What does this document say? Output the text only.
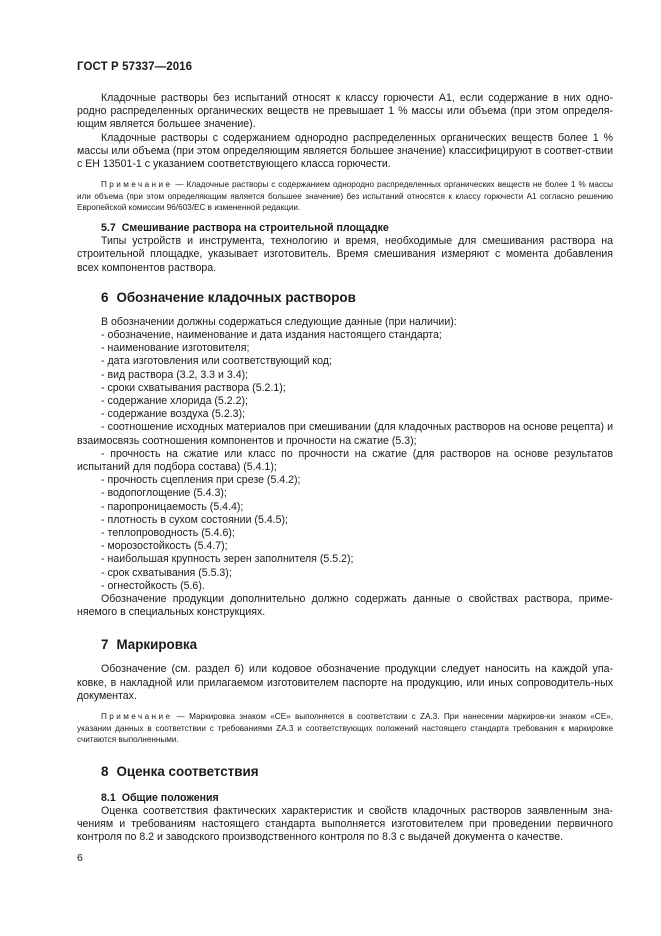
ГОСТ Р 57337—2016

Кладочные растворы без испытаний относят к классу горючести А1, если содержание в них одно-родно распределенных органических веществ не превышает 1 % массы или объема (при этом определя-ющим является большее значение).

Кладочные растворы с содержанием однородно распределенных органических веществ более 1 % массы или объема (при этом определяющим является большее значение) классифицируют в соответ-ствии с ЕН 13501-1 с указанием соответствующего класса горючести.

Примечание — Кладочные растворы с содержанием однородно распределенных органических веществ не более 1 % массы или объема (при этом определяющим является большее значение) без испытаний относятся к классу горючести А1 согласно решению Европейской комиссии 96/603/ЕС в измененной редакции.

5.7 Смешивание раствора на строительной площадке

Типы устройств и инструмента, технологию и время, необходимые для смешивания раствора на строительной площадке, указывает изготовитель. Время смешивания измеряют с момента добавления всех компонентов раствора.

6 Обозначение кладочных растворов

В обозначении должны содержаться следующие данные (при наличии):

- обозначение, наименование и дата издания настоящего стандарта;
- наименование изготовителя;
- дата изготовления или соответствующий код;
- вид раствора (3.2, 3.3 и 3.4);
- сроки схватывания раствора (5.2.1);
- содержание хлорида (5.2.2);
- содержание воздуха (5.2.3);

- соотношение исходных материалов при смешивании (для кладочных растворов на основе рецепта) и взаимосвязь соотношения компонентов и прочности на сжатие (5.3);

- прочность на сжатие или класс по прочности на сжатие (для растворов на основе результатов испытаний для подбора состава) (5.4.1);

- прочность сцепления при срезе (5.4.2);
- водопоглощение (5.4.3);
- паропроницаемость (5.4.4);
- плотность в сухом состоянии (5.4.5);
- теплопроводность (5.4.6);
- морозостойкость (5.4.7);
- наибольшая крупность зерен заполнителя (5.5.2);
- срок схватывания (5.5.3);
- огнестойкость (5.6).

Обозначение продукции дополнительно должно содержать данные о свойствах раствора, приме-няемого в специальных конструкциях.

7 Маркировка

Обозначение (см. раздел 6) или кодовое обозначение продукции следует наносить на каждой упа-ковке, в накладной или прилагаемом изготовителем паспорте на продукцию, или иных сопроводитель-ных документах.

Примечание — Маркировка знаком «СЕ» выполняется в соответствии с ZA.3. При нанесении маркиров-ки знаком «СЕ», указании данных в соответствии с требованиями ZA.3 и соответствующих положений настоящего стандарта требования к маркировке считаются выполненными.

8 Оценка соответствия

8.1 Общие положения

Оценка соответствия фактических характеристик и свойств кладочных растворов заявленным зна-чениям и требованиям настоящего стандарта выполняется изготовителем при проведении первичного контроля по 8.2 и заводского производственного контроля по 8.3 с выдачей документа о качестве.

6
